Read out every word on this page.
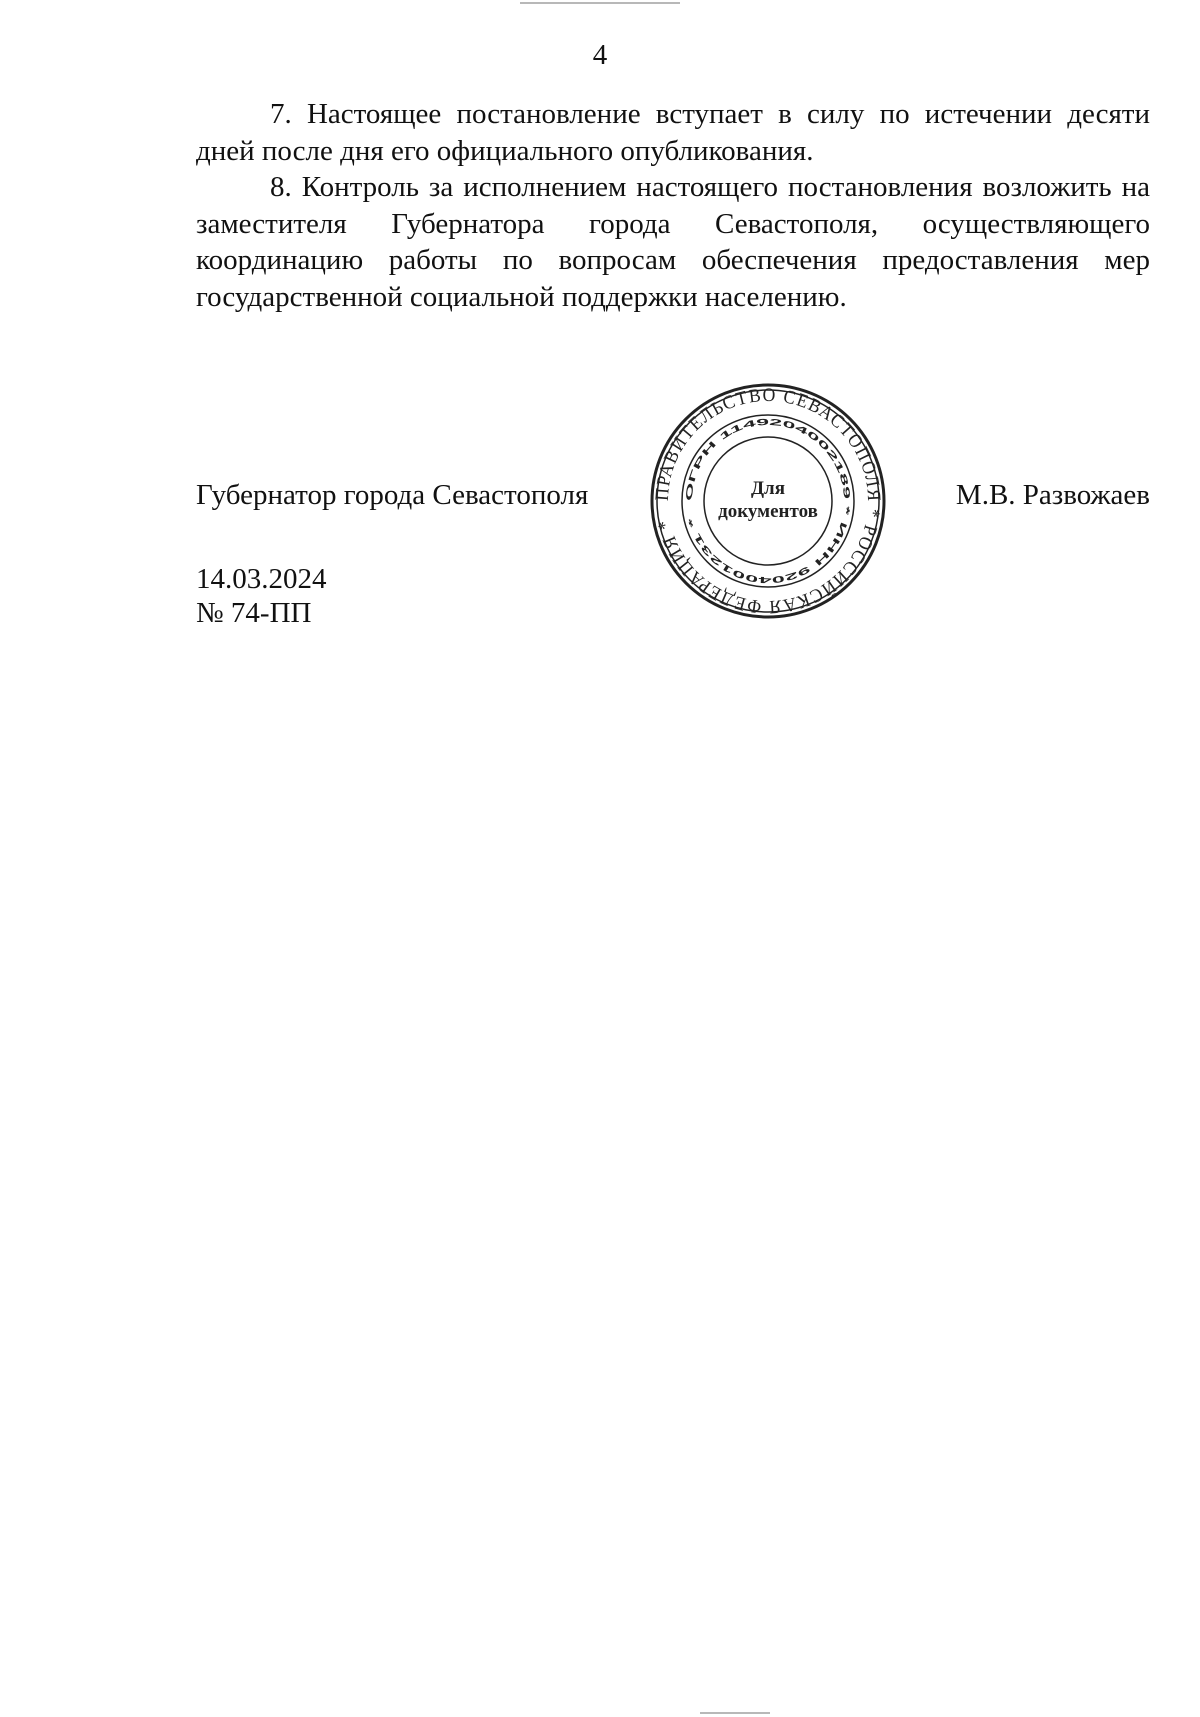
4

7. Настоящее постановление вступает в силу по истечении десяти дней после дня его официального опубликования.

8. Контроль за исполнением настоящего постановления возложить на заместителя Губернатора города Севастополя, осуществляющего координацию работы по вопросам обеспечения предоставления мер государственной социальной поддержки населению.

Губернатор города Севастополя	М.В. Развожаев
ПРАВИТЕЛЬСТВО СЕВАСТОПОЛЯ * РОССИЙСКАЯ ФЕДЕРАЦИЯ *
ОГРН 1149204002189 * ИНН 9204001231 *
Для
документов
14.03.2024
№ 74-ПП
